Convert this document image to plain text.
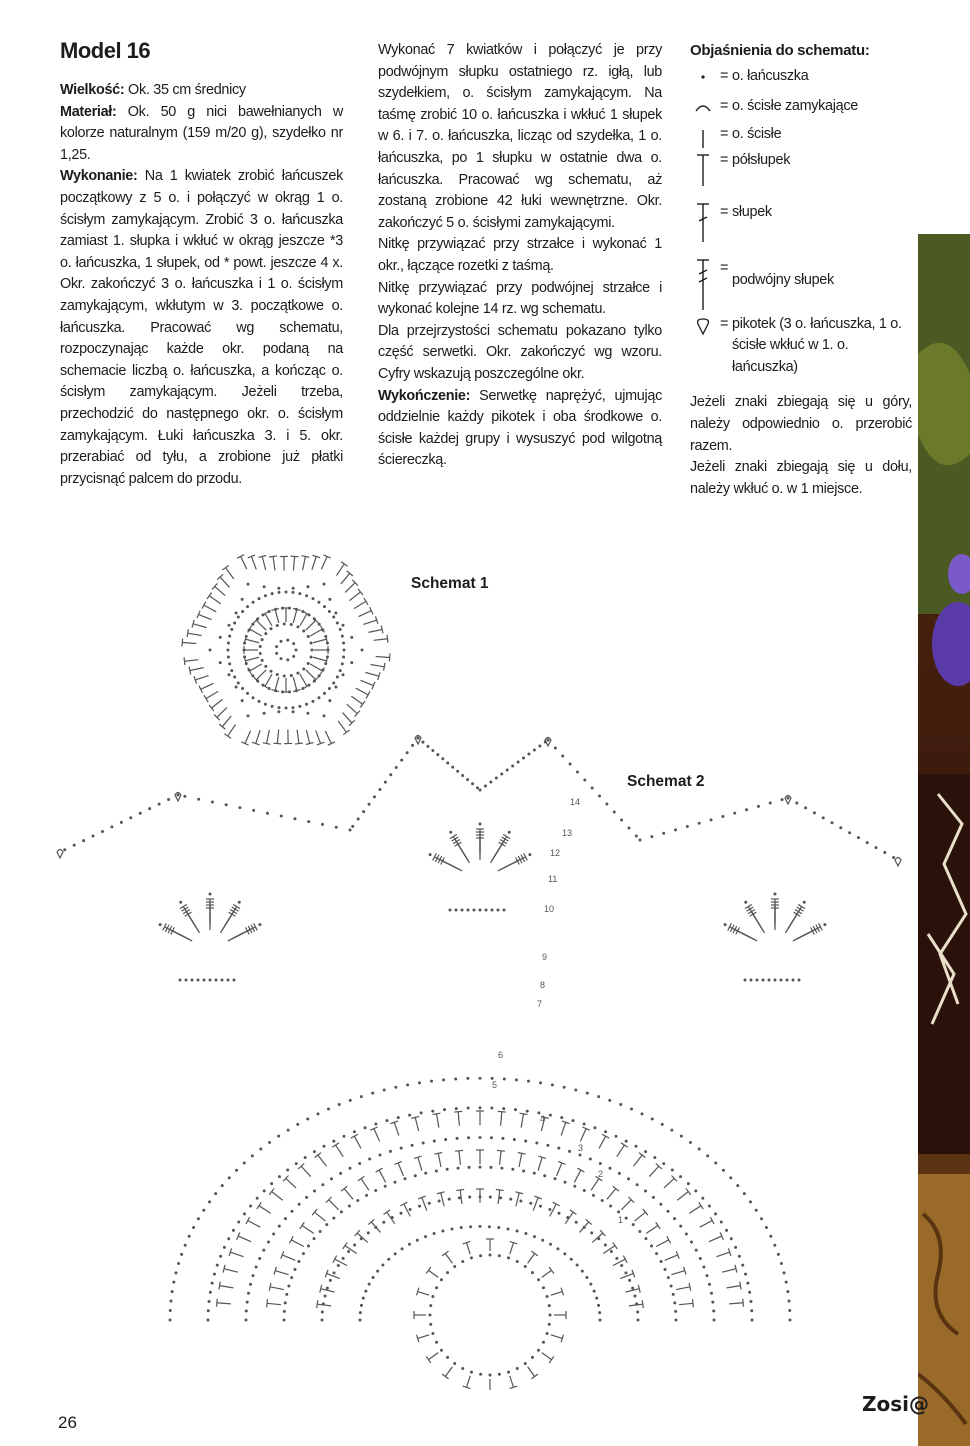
Model 16

Wielkość: Ok. 35 cm średnicy

Materiał: Ok. 50 g nici bawełnianych w kolorze naturalnym (159 m/20 g), szydełko nr 1,25.

Wykonanie: Na 1 kwiatek zrobić łańcuszek początkowy z 5 o. i połączyć w okrąg 1 o. ścisłym zamykającym. Zrobić 3 o. łańcuszka zamiast 1. słupka i wkłuć w okrąg jeszcze *3 o. łańcuszka, 1 słupek, od * powt. jeszcze 4 x. Okr. zakończyć 3 o. łańcuszka i 1 o. ścisłym zamykającym, wkłutym w 3. początkowe o. łańcuszka. Pracować wg schematu, rozpoczynając każde okr. podaną na schemacie liczbą o. łańcuszka, a kończąc o. ścisłym zamykającym. Jeżeli trzeba, przechodzić do następnego okr. o. ścisłym zamykającym. Łuki łańcuszka 3. i 5. okr. przerabiać od tyłu, a zrobione już płatki przycisnąć palcem do przodu.

Wykonać 7 kwiatków i połączyć je przy podwójnym słupku ostatniego rz. igłą, lub szydełkiem, o. ścisłym zamykającym. Na taśmę zrobić 10 o. łańcuszka i wkłuć 1 słupek w 6. i 7. o. łańcuszka, licząc od szydełka, 1 o. łańcuszka, po 1 słupku w ostatnie dwa o. łańcuszka. Pracować wg schematu, aż zostaną zrobione 42 łuki wewnętrzne. Okr. zakończyć 5 o. ścisłymi zamykającymi.

Nitkę przywiązać przy strzałce i wykonać 1 okr., łączące rozetki z taśmą.

Nitkę przywiązać przy podwójnej strzałce i wykonać kolejne 14 rz. wg schematu.

Dla przejrzystości schematu pokazano tylko część serwetki. Okr. zakończyć wg wzoru. Cyfry wskazują poszczególne okr.

Wykończenie: Serwetkę naprężyć, ujmując oddzielnie każdy pikotek i oba środkowe o. ścisłe każdej grupy i wysuszyć pod wilgotną ściereczką.

Objaśnienia do schematu:
= o. łańcuszka
= o. ścisłe zamykające
= o. ścisłe
= półsłupek
= słupek
=
podwójny słupek
= pikotek (3 o. łańcuszka, 1 o. ścisłe wkłuć w 1. o. łańcuszka)

Jeżeli znaki zbiegają się u góry, należy odpowiednio o. przerobić razem.

Jeżeli znaki zbiegają się u dołu, należy wkłuć o. w 1 miejsce.

1
2
3
4
5
6
7
8
9
10
11
12
13
14
Schemat 1
Schemat 2
26
Zosi@
